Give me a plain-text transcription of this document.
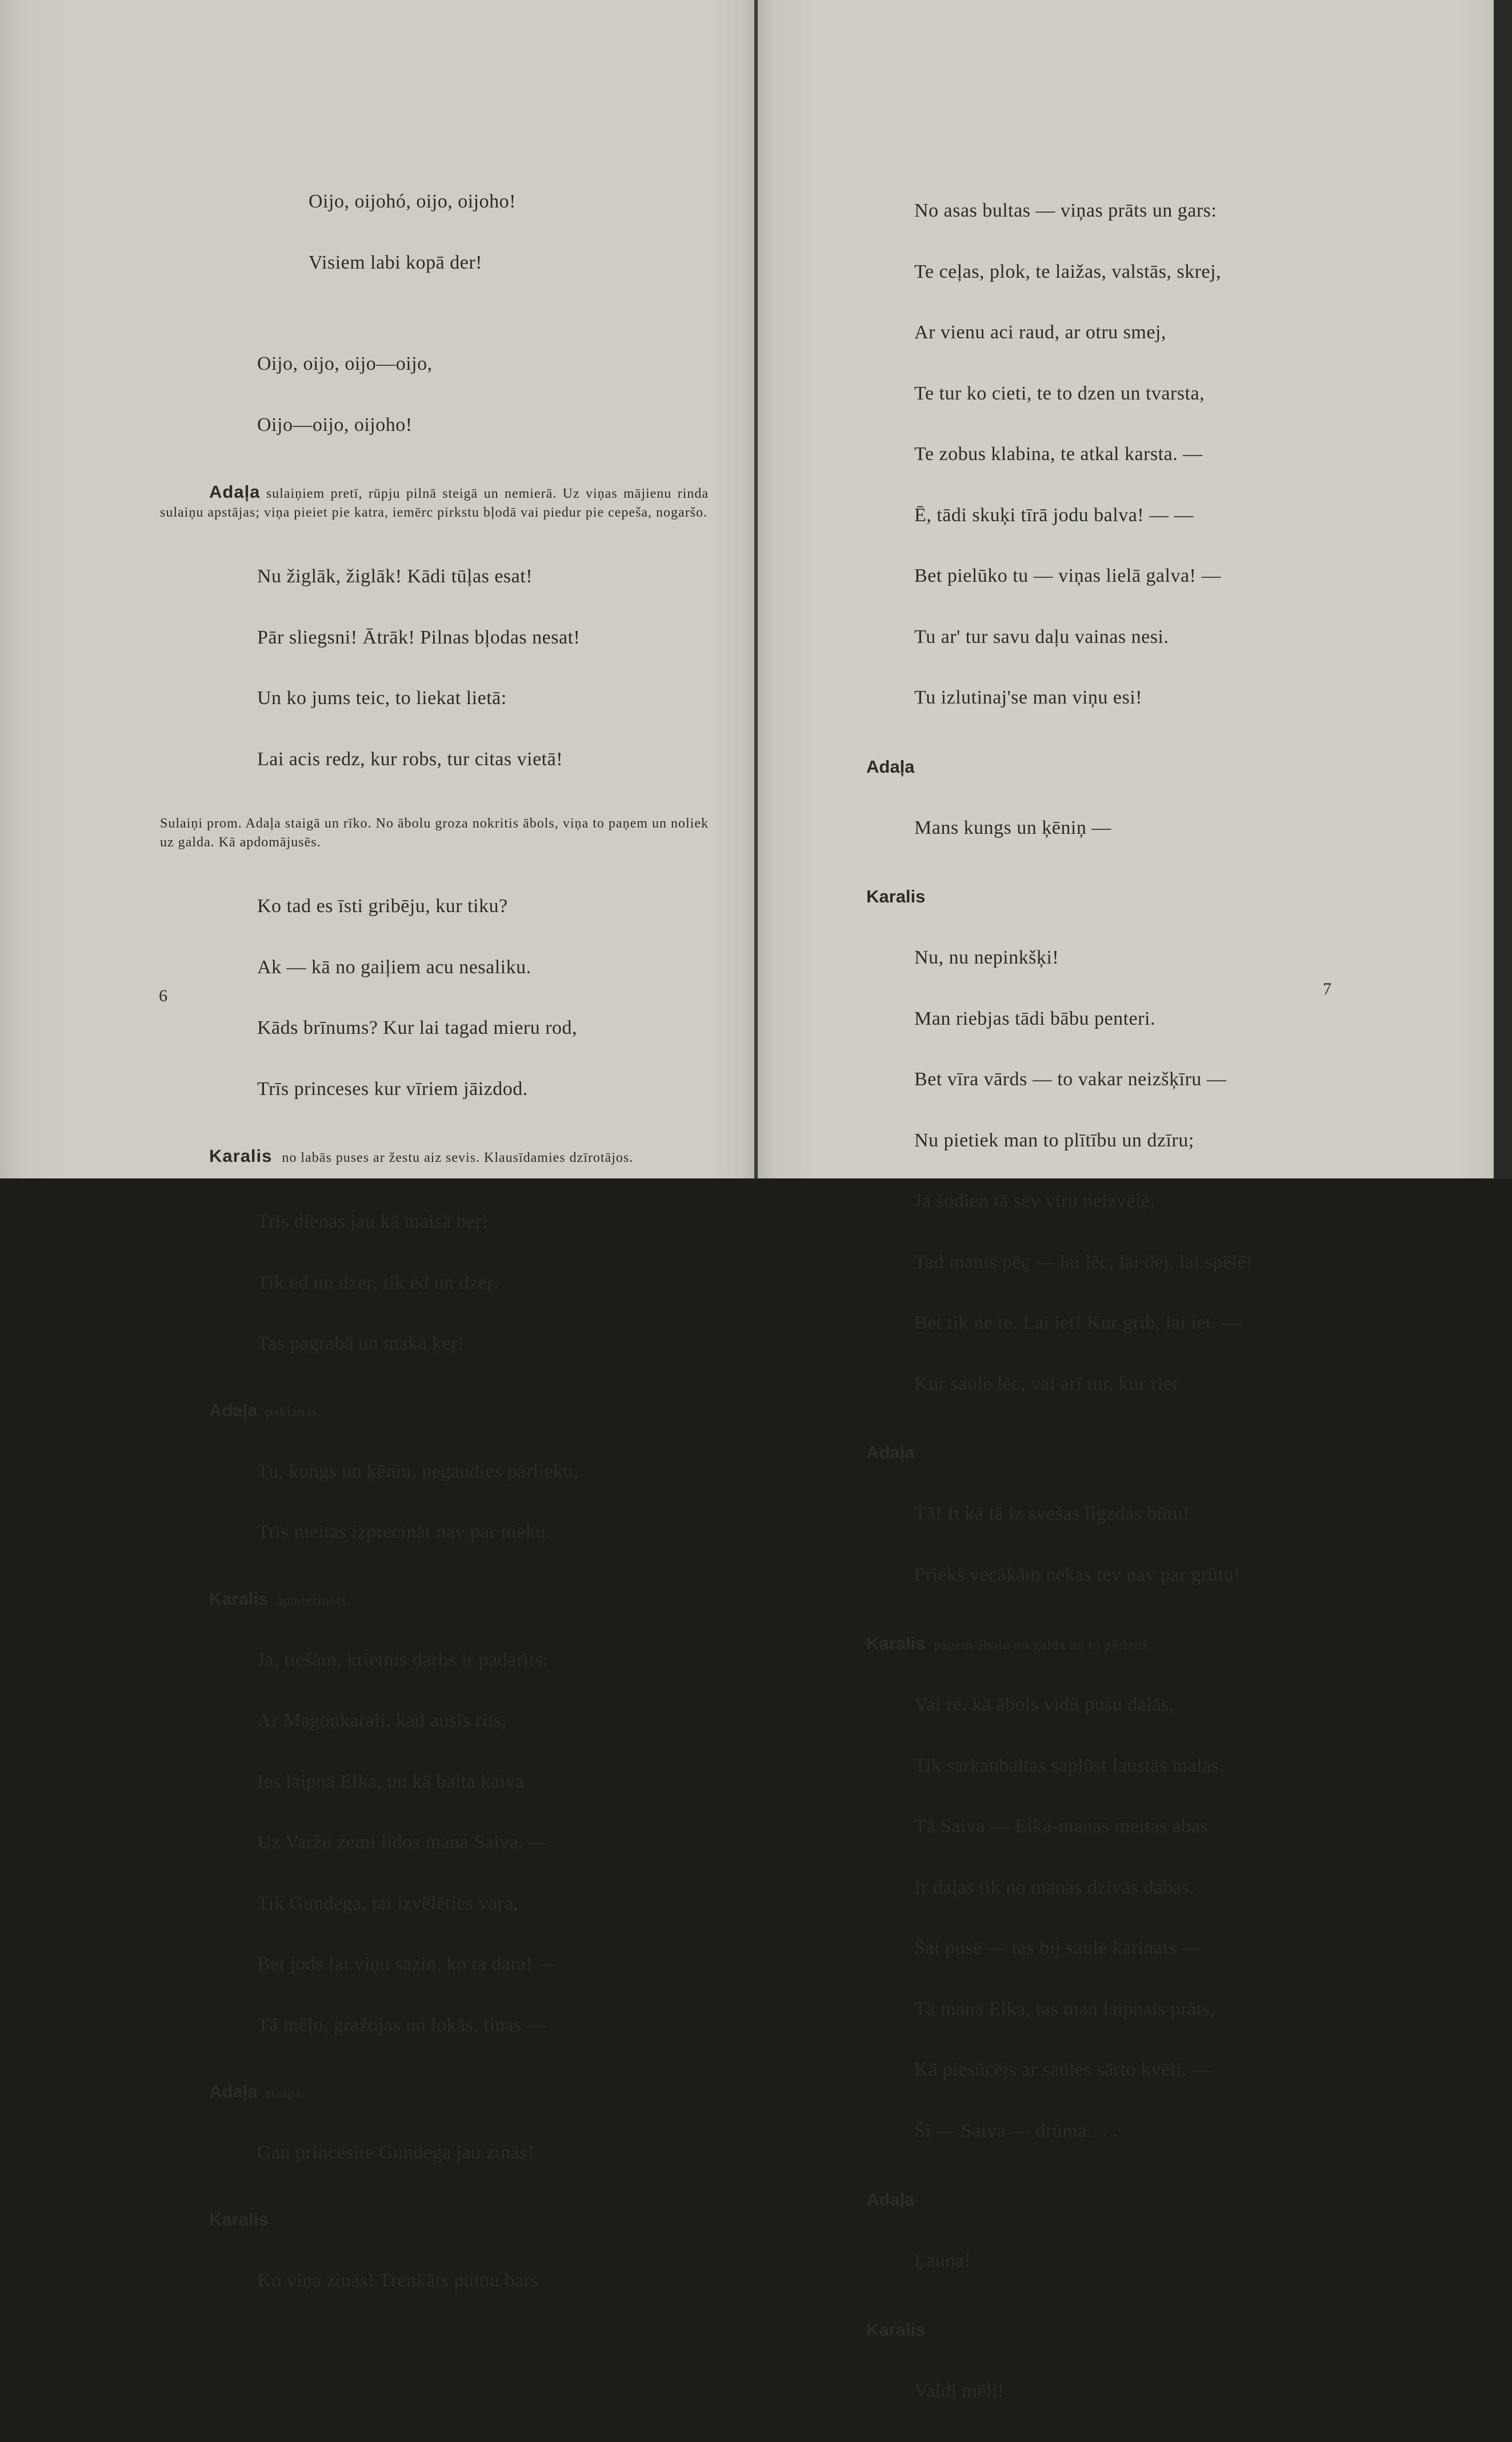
Oijo, oijohó, oijo, oijoho!

Visiem labi kopā der!

Oijo, oijo, oijo—oijo,

Oijo—oijo, oijoho!

Adaļa sulaiņiem pretī, rūpju pilnā steigā un nemierā. Uz viņas mājienu rinda sulaiņu apstājas; viņa pieiet pie katra, iemērc pirkstu bļodā vai piedur pie cepeša, nogaršo.

Nu žiglāk, žiglāk! Kādi tūļas esat!

Pār sliegsni! Ātrāk! Pilnas bļodas nesat!

Un ko jums teic, to liekat lietā:

Lai acis redz, kur robs, tur citas vietā!

Sulaiņi prom. Adaļa staigā un rīko. No ābolu groza nokritis ābols, viņa to paņem un noliek uz galda. Kā apdomājusēs.

Ko tad es īsti gribēju, kur tiku?

Ak — kā no gaiļiem acu nesaliku.

Kāds brīnums? Kur lai tagad mieru rod,

Trīs princeses kur vīriem jāizdod.

Karalis no labās puses ar žestu aiz sevis. Klausīdamies dzīrotājos.

Trīs dienas jau kā maisā beŗ!

Tik ēd un dzeŗ, tik ēd un dzeŗ.

Tas pagrabā un makā ķeŗ!

Adaļa paklanas.

Tu, kungs un ķēniņ, negaudies pārlieku,

Trīs meitas izprecināt nav par nieku.

Karalis apmierināts.

Ja, tiešām, krietnis darbs ir padarīts:

Ar Magoņkarali, kad ausīs rīts,

Ies laipnā Elka, un kā balta kaiva

Uz Varžu zemi lidos mana Saiva. —

Tik Gundega, tai izvēlēties vaŗa,

Bet jods lai viņu sazin, ko ta dara! —

Tā mēļo, gražojas un lokās, tinas —

Adaļa starpā.

Gan princesīte Gundega jau zinās!

Karalis

Ko viņa zinās! Trenkāts putnu bars

6

No asas bultas — viņas prāts un gars:

Te ceļas, plok, te laižas, valstās, skrej,

Ar vienu aci raud, ar otru smej,

Te tur ko cieti, te to dzen un tvarsta,

Te zobus klabina, te atkal karsta. —

Ē, tādi skuķi tīrā jodu balva! — —

Bet pielūko tu — viņas lielā galva! —

Tu ar' tur savu daļu vainas nesi.

Tu izlutinaj'se man viņu esi!

Adaļa

Mans kungs un ķēniņ —

Karalis

Nu, nu nepinkšķi!

Man riebjas tādi bābu penteri.

Bet vīra vārds — to vakar neizšķīru —

Nu pietiek man to plītību un dzīru;

Ja šodien tā sev vīru neizvēlē,

Tad manis pēç — lai lēc, lai dej, lai spēlē!

Bet tik ne te. Lai iet! Kur grib, lai iet. —

Kur saule lēc, vai arī tur, kur riet.

Adaļa

Tā! It kā tā iz svešas ligzdas būtu!

Priekš vecākām nekas tev nav par grūtu!

Karalis paņem ābolu no galda un to pārlauž.

Vai re, kā ābols vidū pušu dalās,

Tik sarkanbaltas saplūst laustās malas.

Tā Saiva — Elka-manas meitas abas

Ir daļas tik no manas dzīvās dabas.

Šai pusē — tas bij saulē karinats —

Tā mana Elka, tas man laipnais prāts,

Kā piesūcējs ar saules sārto kvēli. —

Šī — Saiva — drūma . . .

Adaļa

Ļauna!

Karalis

Valdi mēli!

7
